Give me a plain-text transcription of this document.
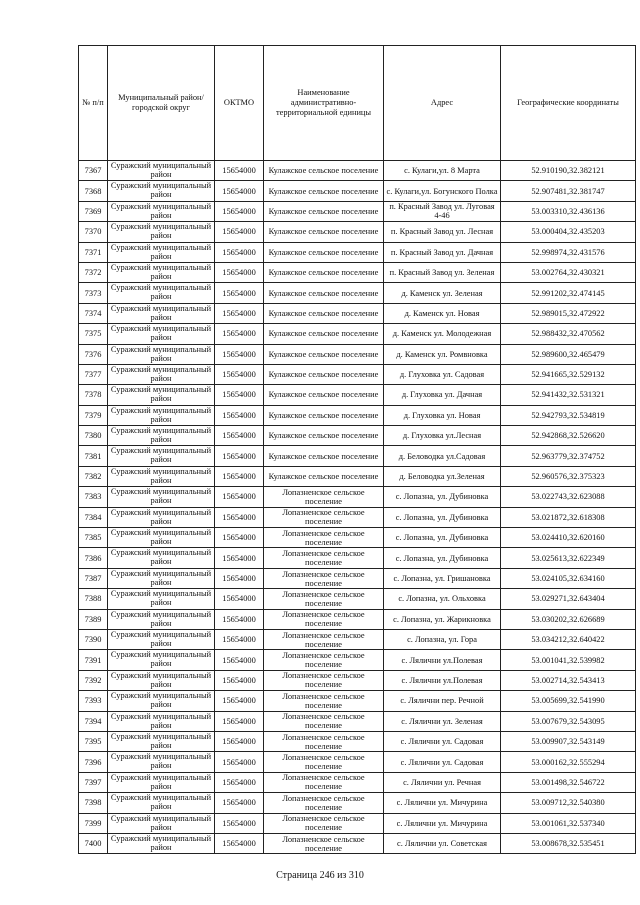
№ п/п	Муниципальный район/городской округ	ОКТМО	Наименование административно-территориальной единицы	Адрес	Географические координаты
7367	Суражский муниципальный район	15654000	Кулажское сельское поселение	с. Кулаги,ул. 8 Марта	52.910190,32.382121
7368	Суражский муниципальный район	15654000	Кулажское сельское поселение	с. Кулаги,ул. Богунского Полка	52.907481,32.381747
7369	Суражский муниципальный район	15654000	Кулажское сельское поселение	п. Красный Завод ул. Луговая 4-46	53.003310,32.436136
7370	Суражский муниципальный район	15654000	Кулажское сельское поселение	п. Красный Завод ул. Лесная	53.000404,32.435203
7371	Суражский муниципальный район	15654000	Кулажское сельское поселение	п. Красный Завод ул. Дачная	52.998974,32.431576
7372	Суражский муниципальный район	15654000	Кулажское сельское поселение	п. Красный Завод ул. Зеленая	53.002764,32.430321
7373	Суражский муниципальный район	15654000	Кулажское сельское поселение	д. Каменск ул. Зеленая	52.991202,32.474145
7374	Суражский муниципальный район	15654000	Кулажское сельское поселение	д. Каменск ул. Новая	52.989015,32.472922
7375	Суражский муниципальный район	15654000	Кулажское сельское поселение	д. Каменск ул. Молодежная	52.988432,32.470562
7376	Суражский муниципальный район	15654000	Кулажское сельское поселение	д. Каменск ул. Ромвновка	52.989600,32.465479
7377	Суражский муниципальный район	15654000	Кулажское сельское поселение	д. Глуховка ул. Садовая	52.941665,32.529132
7378	Суражский муниципальный район	15654000	Кулажское сельское поселение	д. Глуховка ул. Дачная	52.941432,32.531321
7379	Суражский муниципальный район	15654000	Кулажское сельское поселение	д. Глуховка ул. Новая	52.942793,32.534819
7380	Суражский муниципальный район	15654000	Кулажское сельское поселение	д. Глуховка ул.Лесная	52.942868,32.526620
7381	Суражский муниципальный район	15654000	Кулажское сельское поселение	д. Беловодка ул.Садовая	52.963779,32.374752
7382	Суражский муниципальный район	15654000	Кулажское сельское поселение	д. Беловодка ул.Зеленая	52.960576,32.375323
7383	Суражский муниципальный район	15654000	Лопазненское сельское поселение	с. Лопазна, ул. Дубиновка	53.022743,32.623088
7384	Суражский муниципальный район	15654000	Лопазненское сельское поселение	с. Лопазна, ул. Дубиновка	53.021872,32.618308
7385	Суражский муниципальный район	15654000	Лопазненское сельское поселение	с. Лопазна, ул. Дубиновка	53.024410,32.620160
7386	Суражский муниципальный район	15654000	Лопазненское сельское поселение	с. Лопазна, ул. Дубиновка	53.025613,32.622349
7387	Суражский муниципальный район	15654000	Лопазненское сельское поселение	с. Лопазна, ул. Гришановка	53.024105,32.634160
7388	Суражский муниципальный район	15654000	Лопазненское сельское поселение	с. Лопазна, ул. Ольховка	53.029271,32.643404
7389	Суражский муниципальный район	15654000	Лопазненское сельское поселение	с. Лопазна, ул. Жарикновка	53.030202,32.626689
7390	Суражский муниципальный район	15654000	Лопазненское сельское поселение	с. Лопазна, ул. Гора	53.034212,32.640422
7391	Суражский муниципальный район	15654000	Лопазненское сельское поселение	с. Лялични ул.Полевая	53.001041,32.539982
7392	Суражский муниципальный район	15654000	Лопазненское сельское поселение	с. Лялични ул.Полевая	53.002714,32.543413
7393	Суражский муниципальный район	15654000	Лопазненское сельское поселение	с. Лялични пер. Речной	53.005699,32.541990
7394	Суражский муниципальный район	15654000	Лопазненское сельское поселение	с. Лялични ул. Зеленая	53.007679,32.543095
7395	Суражский муниципальный район	15654000	Лопазненское сельское поселение	с. Лялични ул. Садовая	53.009907,32.543149
7396	Суражский муниципальный район	15654000	Лопазненское сельское поселение	с. Лялични ул. Садовая	53.000162,32.555294
7397	Суражский муниципальный район	15654000	Лопазненское сельское поселение	с. Лялични ул. Речная	53.001498,32.546722
7398	Суражский муниципальный район	15654000	Лопазненское сельское поселение	с. Лялични ул. Мичурина	53.009712,32.540380
7399	Суражский муниципальный район	15654000	Лопазненское сельское поселение	с. Лялични ул. Мичурина	53.001061,32.537340
7400	Суражский муниципальный район	15654000	Лопазненское сельское поселение	с. Лялични ул. Советская	53.008678,32.535451
Страница 246 из 310
